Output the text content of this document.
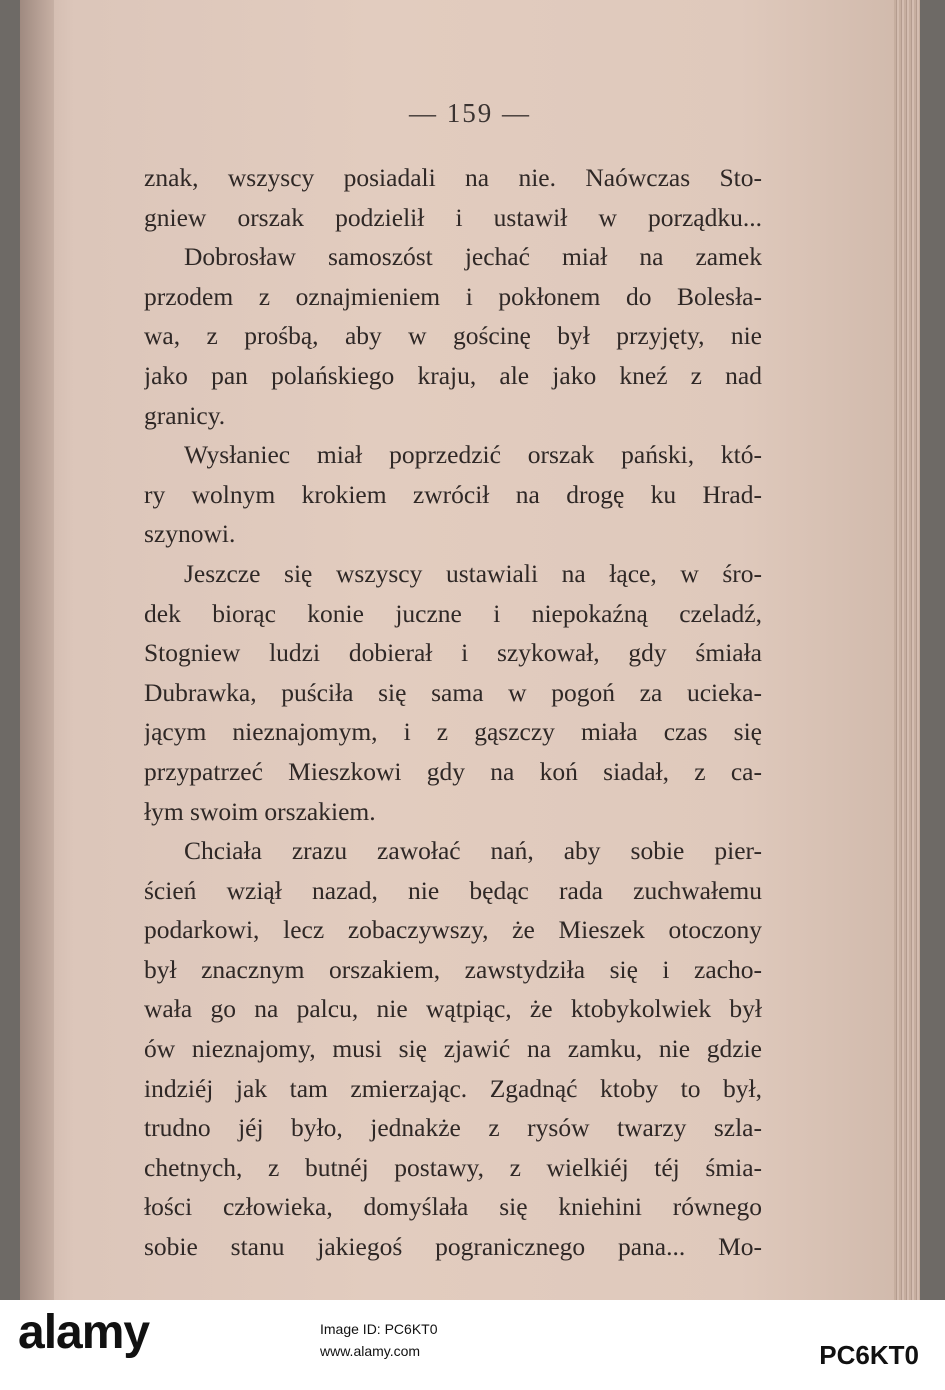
— 159 —
znak, wszyscy posiadali na nie. Naówczas Sto-
gniew orszak podzielił i ustawił w porządku...
Dobrosław samoszóst jechać miał na zamek
przodem z oznajmieniem i pokłonem do Bolesła-
wa, z prośbą, aby w gościnę był przyjęty, nie
jako pan polańskiego kraju, ale jako kneź z nad
granicy.
Wysłaniec miał poprzedzić orszak pański, któ-
ry wolnym krokiem zwrócił na drogę ku Hrad-
szynowi.
Jeszcze się wszyscy ustawiali na łące, w śro-
dek biorąc konie juczne i niepokaźną czeladź,
Stogniew ludzi dobierał i szykował, gdy śmiała
Dubrawka, puściła się sama w pogoń za ucieka-
jącym nieznajomym, i z gąszczy miała czas się
przypatrzeć Mieszkowi gdy na koń siadał, z ca-
łym swoim orszakiem.
Chciała zrazu zawołać nań, aby sobie pier-
ścień wziął nazad, nie będąc rada zuchwałemu
podarkowi, lecz zobaczywszy, że Mieszek otoczony
był znacznym orszakiem, zawstydziła się i zacho-
wała go na palcu, nie wątpiąc, że ktobykolwiek był
ów nieznajomy, musi się zjawić na zamku, nie gdzie
indziéj jak tam zmierzając. Zgadnąć ktoby to był,
trudno jéj było, jednakże z rysów twarzy szla-
chetnych, z butnéj postawy, z wielkiéj téj śmia-
łości człowieka, domyślała się kniehini równego
sobie stanu jakiegoś pogranicznego pana... Mo-
alamy	Image ID: PC6KT0
www.alamy.com	PC6KT0
